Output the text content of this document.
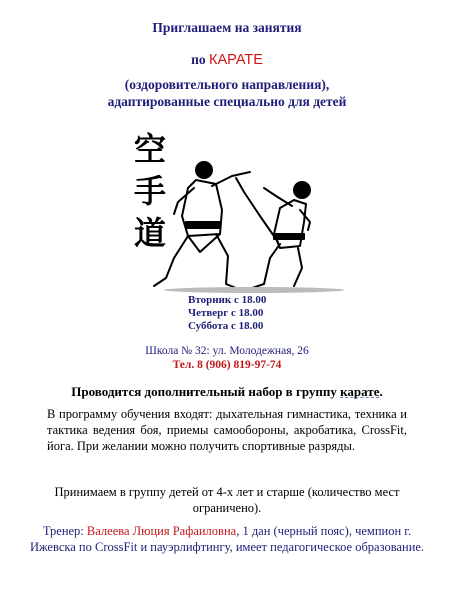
Приглашаем на занятия
по КАРАТЕ
(оздоровительного направления),
адаптированные специально для детей
空
手
道
Вторник с 18.00
Четверг с 18.00
Суббота с 18.00
Школа № 32: ул. Молодежная, 26
Тел. 8 (906) 819-97-74
Проводится дополнительный набор в группу карате.
В программу обучения входят: дыхательная гимнастика, техника и тактика ведения боя, приемы самообороны, акробатика, CrossFit, йога. При желании можно получить спортивные разряды.
Принимаем в группу детей от 4-х лет и старше (количество мест ограничено).
Тренер: Валеева Люция Рафаиловна, 1 дан (черный пояс), чемпион г. Ижевска по CrossFit и пауэрлифтингу, имеет педагогическое образование.
